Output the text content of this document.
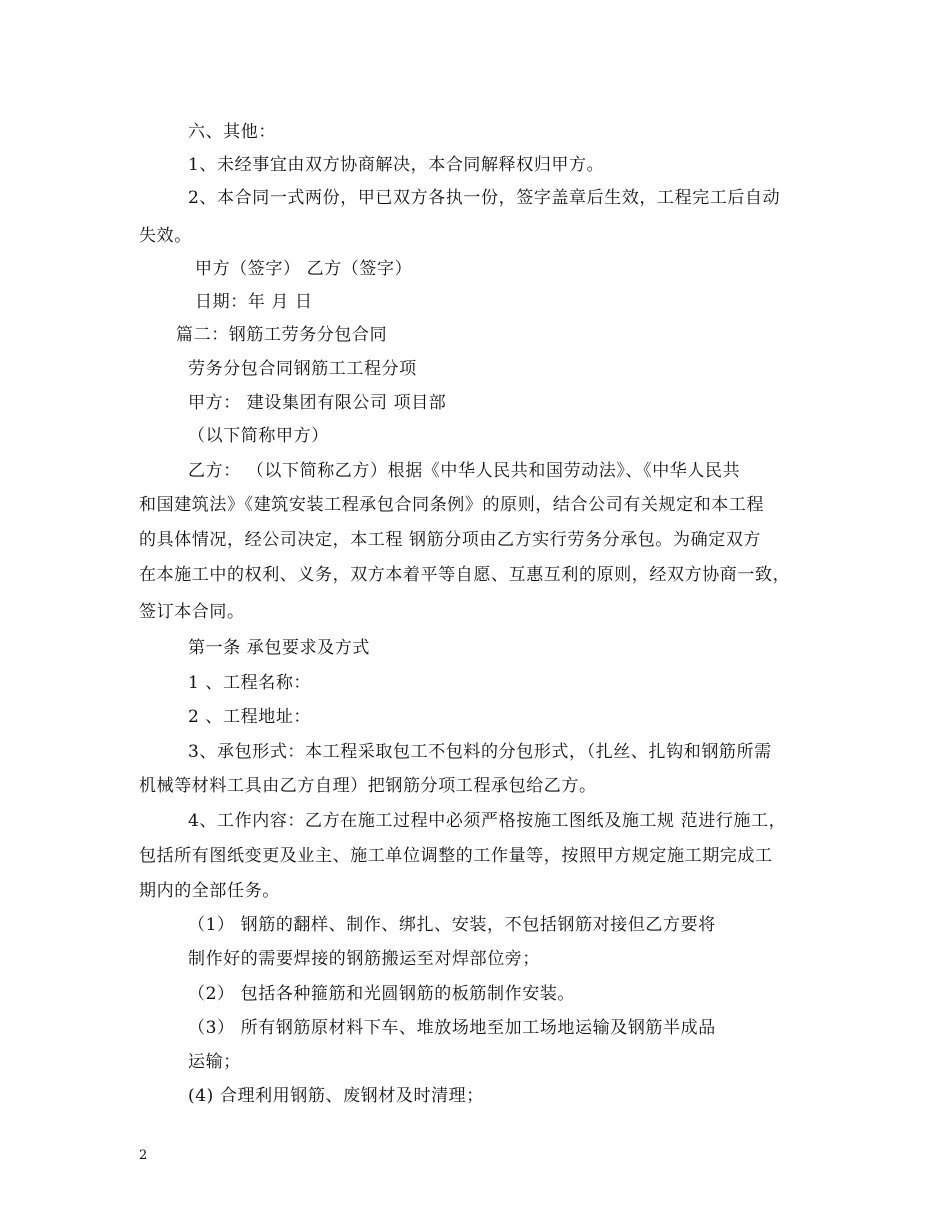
六、其他：
1、未经事宜由双方协商解决，本合同解释权归甲方。
2、本合同一式两份，甲已双方各执一份，签字盖章后生效，工程完工后自动
失效。
甲方（签字） 乙方（签字）
日期：年 月 日
篇二：钢筋工劳务分包合同
劳务分包合同钢筋工工程分项
甲方： 建设集团有限公司 项目部
（以下简称甲方）
乙方： （以下简称乙方）根据《中华人民共和国劳动法》、《中华人民共
和国建筑法》《建筑安装工程承包合同条例》的原则，结合公司有关规定和本工程
的具体情况，经公司决定，本工程 钢筋分项由乙方实行劳务分承包。为确定双方
在本施工中的权利、义务，双方本着平等自愿、互惠互利的原则，经双方协商一致，
签订本合同。
第一条 承包要求及方式
1 、工程名称：
2 、工程地址：
3、承包形式：本工程采取包工不包料的分包形式，（扎丝、扎钩和钢筋所需
机械等材料工具由乙方自理）把钢筋分项工程承包给乙方。
4、工作内容：乙方在施工过程中必须严格按施工图纸及施工规 范进行施工，
包括所有图纸变更及业主、施工单位调整的工作量等，按照甲方规定施工期完成工
期内的全部任务。
（1） 钢筋的翻样、制作、绑扎、安装，不包括钢筋对接但乙方要将
制作好的需要焊接的钢筋搬运至对焊部位旁；
（2） 包括各种箍筋和光圆钢筋的板筋制作安装。
（3） 所有钢筋原材料下车、堆放场地至加工场地运输及钢筋半成品
运输；
(4) 合理利用钢筋、废钢材及时清理；
2
